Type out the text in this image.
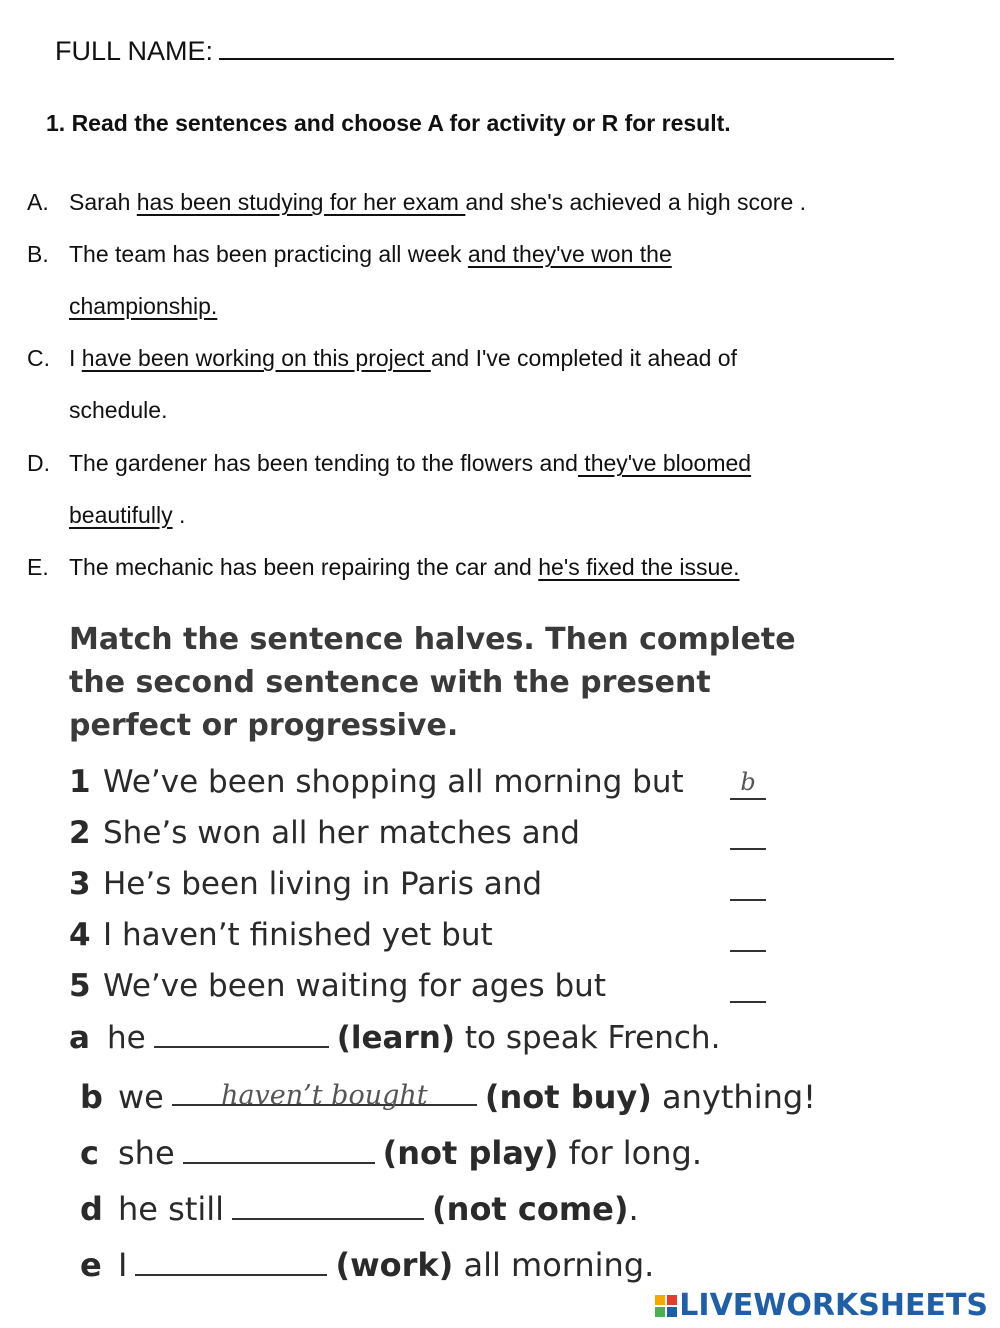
FULL NAME:
1. Read the sentences and choose A for activity or R for result.
A. Sarah has been studying for her exam and she's achieved a high score .
B. The team has been practicing all week and they've won the
championship.
C. I have been working on this project and I've completed it ahead of
schedule.
D. The gardener has been tending to the flowers and they've bloomed
beautifully .
E. The mechanic has been repairing the car and he's fixed the issue.
Match the sentence halves. Then complete
the second sentence with the present
perfect or progressive.
1 We’ve been shopping all morning but	b
2 She’s won all her matches and
3 He’s been living in Paris and
4 I haven’t finished yet but
5 We’ve been waiting for ages but
a he	(learn) to speak French.
b we haven’t bought (not buy) anything!
c she	(not play) for long.
d he still	(not come).
e I	(work) all morning.
LIVEWORKSHEETS
